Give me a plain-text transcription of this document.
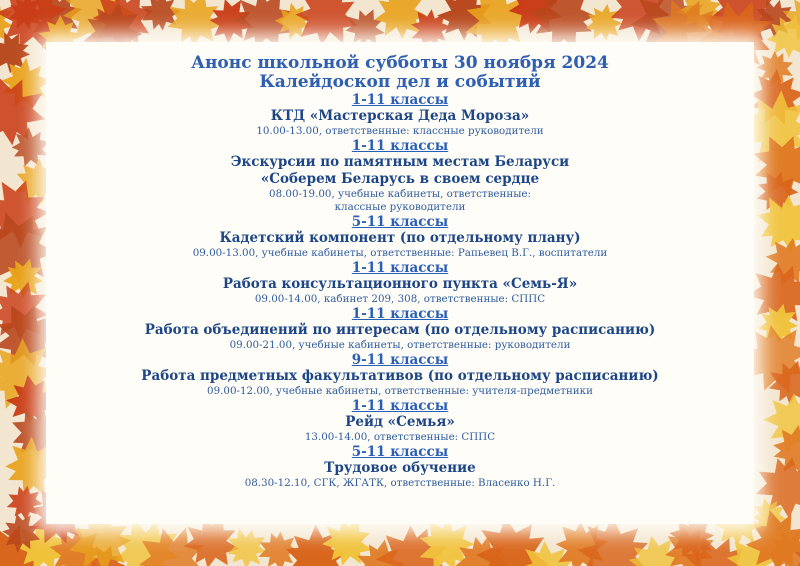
Анонс школьной субботы 30 ноября 2024
Калейдоскоп дел и событий
1-11 классы
КТД «Мастерская Деда Мороза»
10.00-13.00, ответственные: классные руководители
1-11 классы
Экскурсии по памятным местам Беларуси
«Соберем Беларусь в своем сердце
08.00-19.00, учебные кабинеты, ответственные:
классные руководители
5-11 классы
Кадетский компонент (по отдельному плану)
09.00-13.00, учебные кабинеты, ответственные: Рапьевец В.Г., воспитатели
1-11 классы
Работа консультационного пункта «Семь-Я»
09.00-14.00, кабинет 209, 308, ответственные: СППС
1-11 классы
Работа объединений по интересам (по отдельному расписанию)
09.00-21.00, учебные кабинеты, ответственные: руководители
9-11 классы
Работа предметных факультативов (по отдельному расписанию)
09.00-12.00, учебные кабинеты, ответственные: учителя-предметники
1-11 классы
Рейд «Семья»
13.00-14.00, ответственные: СППС
5-11 классы
Трудовое обучение
08.30-12.10, СГК, ЖГАТК, ответственные: Власенко Н.Г.
